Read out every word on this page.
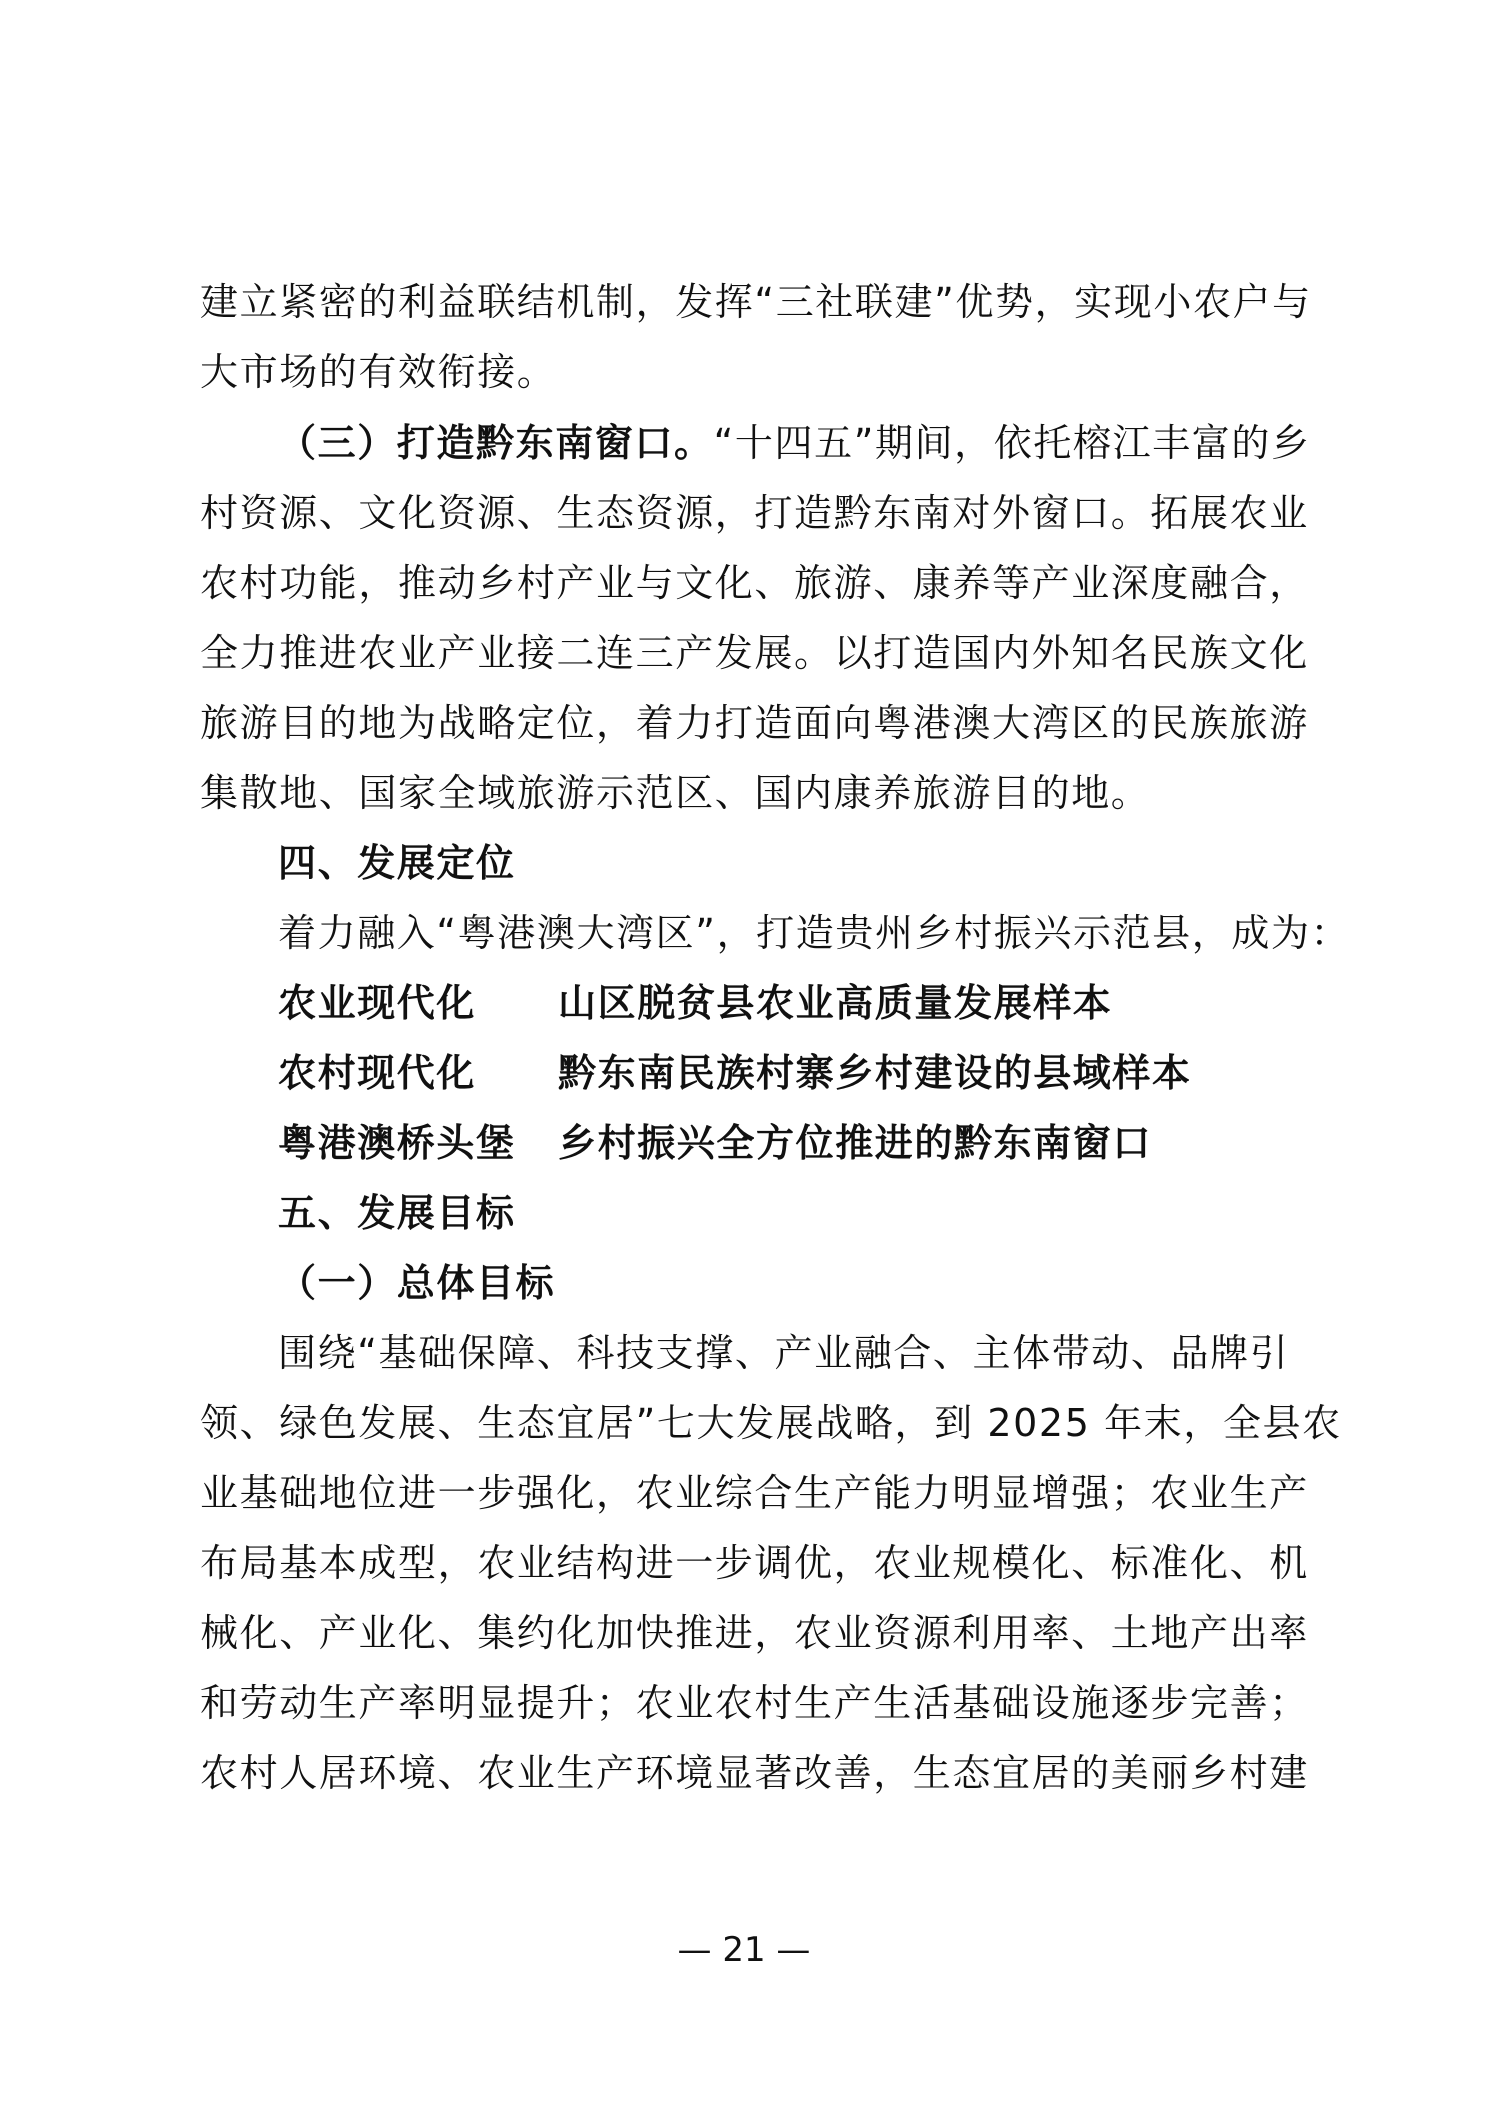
建立紧密的利益联结机制，发挥“三社联建”优势，实现小农户与
大市场的有效衔接。
（三）打造黔东南窗口。“十四五”期间，依托榕江丰富的乡
村资源、文化资源、生态资源，打造黔东南对外窗口。拓展农业
农村功能，推动乡村产业与文化、旅游、康养等产业深度融合，
全力推进农业产业接二连三产发展。以打造国内外知名民族文化
旅游目的地为战略定位，着力打造面向粤港澳大湾区的民族旅游
集散地、国家全域旅游示范区、国内康养旅游目的地。
四、发展定位
着力融入“粤港澳大湾区”，打造贵州乡村振兴示范县，成为：
农业现代化 山区脱贫县农业高质量发展样本
农村现代化 黔东南民族村寨乡村建设的县域样本
粤港澳桥头堡 乡村振兴全方位推进的黔东南窗口
五、发展目标
（一）总体目标
围绕“基础保障、科技支撑、产业融合、主体带动、品牌引
领、绿色发展、生态宜居”七大发展战略，到 2025 年末，全县农
业基础地位进一步强化，农业综合生产能力明显增强；农业生产
布局基本成型，农业结构进一步调优，农业规模化、标准化、机
械化、产业化、集约化加快推进，农业资源利用率、土地产出率
和劳动生产率明显提升；农业农村生产生活基础设施逐步完善；
农村人居环境、农业生产环境显著改善，生态宜居的美丽乡村建
— 21 —
